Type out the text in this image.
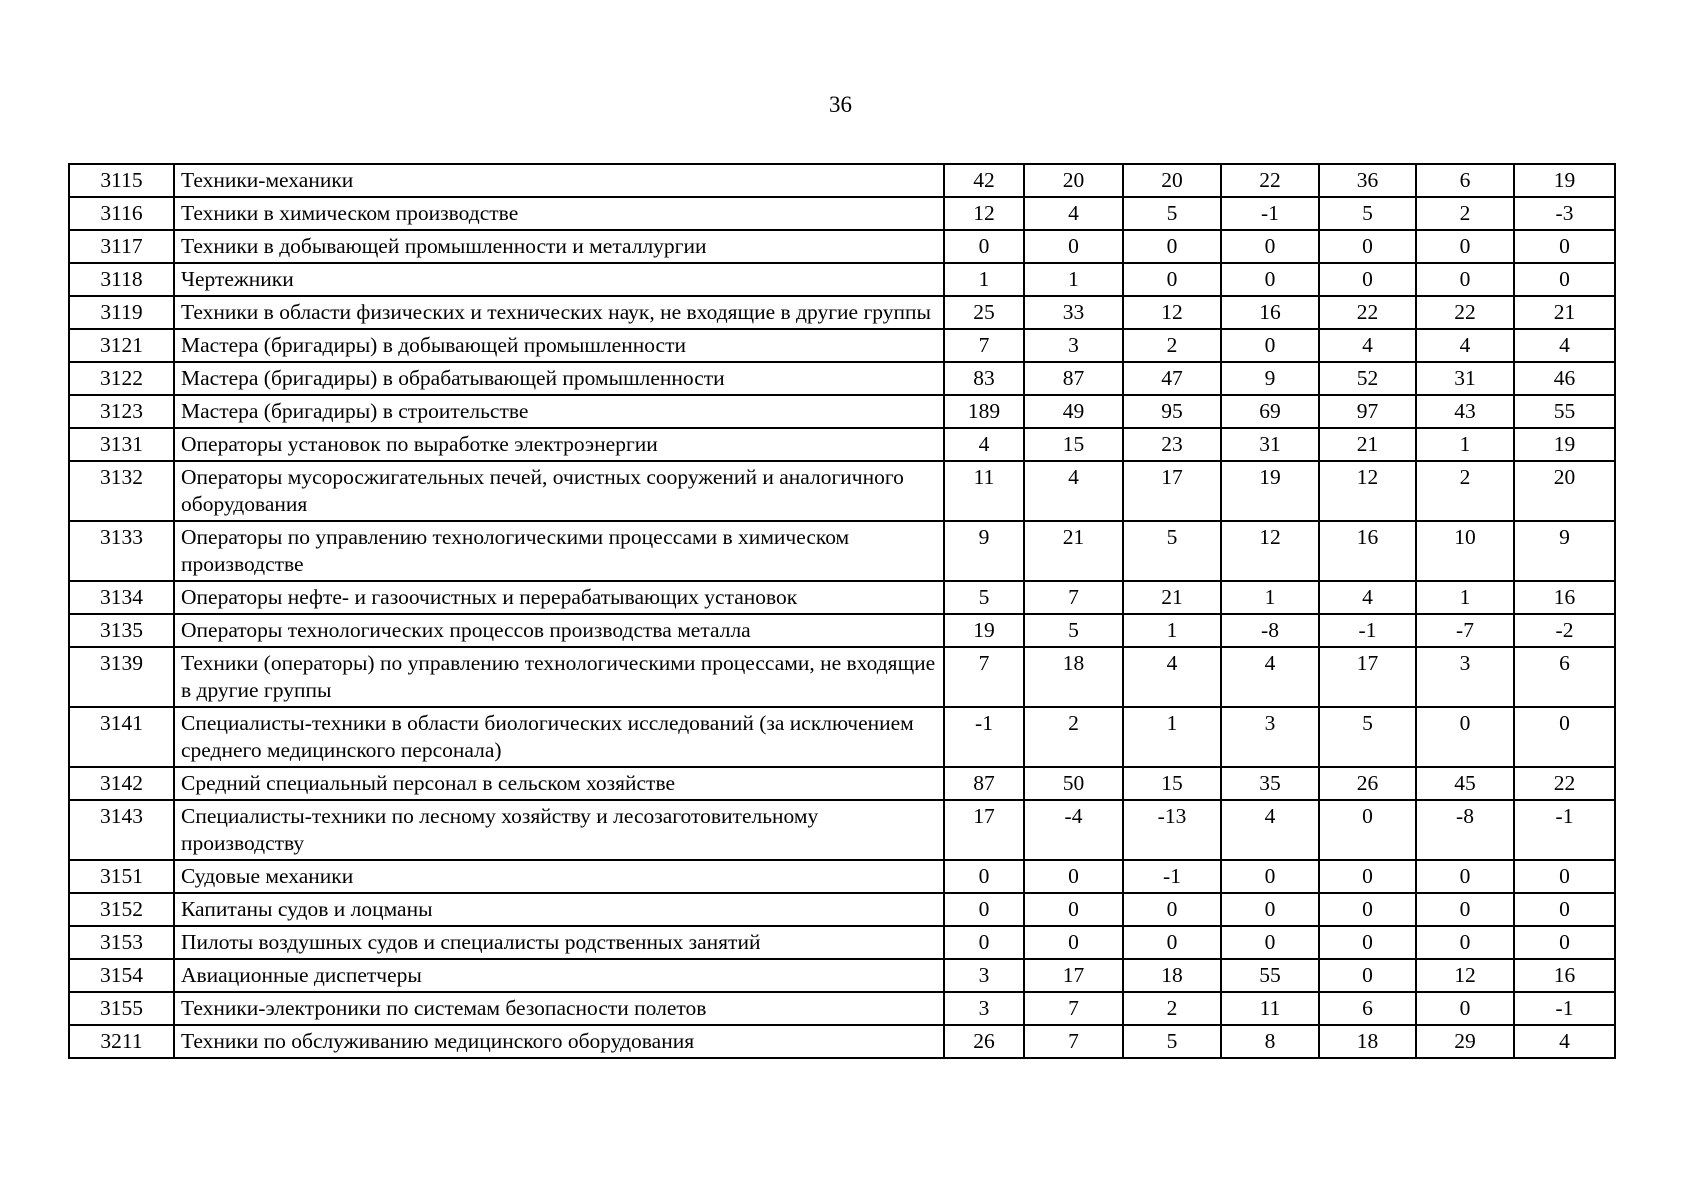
36
3115	Техники-механики	42	20	20	22	36	6	19
3116	Техники в химическом производстве	12	4	5	-1	5	2	-3
3117	Техники в добывающей промышленности и металлургии	0	0	0	0	0	0	0
3118	Чертежники	1	1	0	0	0	0	0
3119	Техники в области физических и технических наук, не входящие в другие группы	25	33	12	16	22	22	21
3121	Мастера (бригадиры) в добывающей промышленности	7	3	2	0	4	4	4
3122	Мастера (бригадиры) в обрабатывающей промышленности	83	87	47	9	52	31	46
3123	Мастера (бригадиры) в строительстве	189	49	95	69	97	43	55
3131	Операторы установок по выработке электроэнергии	4	15	23	31	21	1	19
3132	Операторы мусоросжигательных печей, очистных сооружений и аналогичного оборудования	11	4	17	19	12	2	20
3133	Операторы по управлению технологическими процессами в химическом производстве	9	21	5	12	16	10	9
3134	Операторы нефте- и газоочистных и перерабатывающих установок	5	7	21	1	4	1	16
3135	Операторы технологических процессов производства металла	19	5	1	-8	-1	-7	-2
3139	Техники (операторы) по управлению технологическими процессами, не входящие в другие группы	7	18	4	4	17	3	6
3141	Специалисты-техники в области биологических исследований (за исключением среднего медицинского персонала)	-1	2	1	3	5	0	0
3142	Средний специальный персонал в сельском хозяйстве	87	50	15	35	26	45	22
3143	Специалисты-техники по лесному хозяйству и лесозаготовительному производству	17	-4	-13	4	0	-8	-1
3151	Судовые механики	0	0	-1	0	0	0	0
3152	Капитаны судов и лоцманы	0	0	0	0	0	0	0
3153	Пилоты воздушных судов и специалисты родственных занятий	0	0	0	0	0	0	0
3154	Авиационные диспетчеры	3	17	18	55	0	12	16
3155	Техники-электроники по системам безопасности полетов	3	7	2	11	6	0	-1
3211	Техники по обслуживанию медицинского оборудования	26	7	5	8	18	29	4
